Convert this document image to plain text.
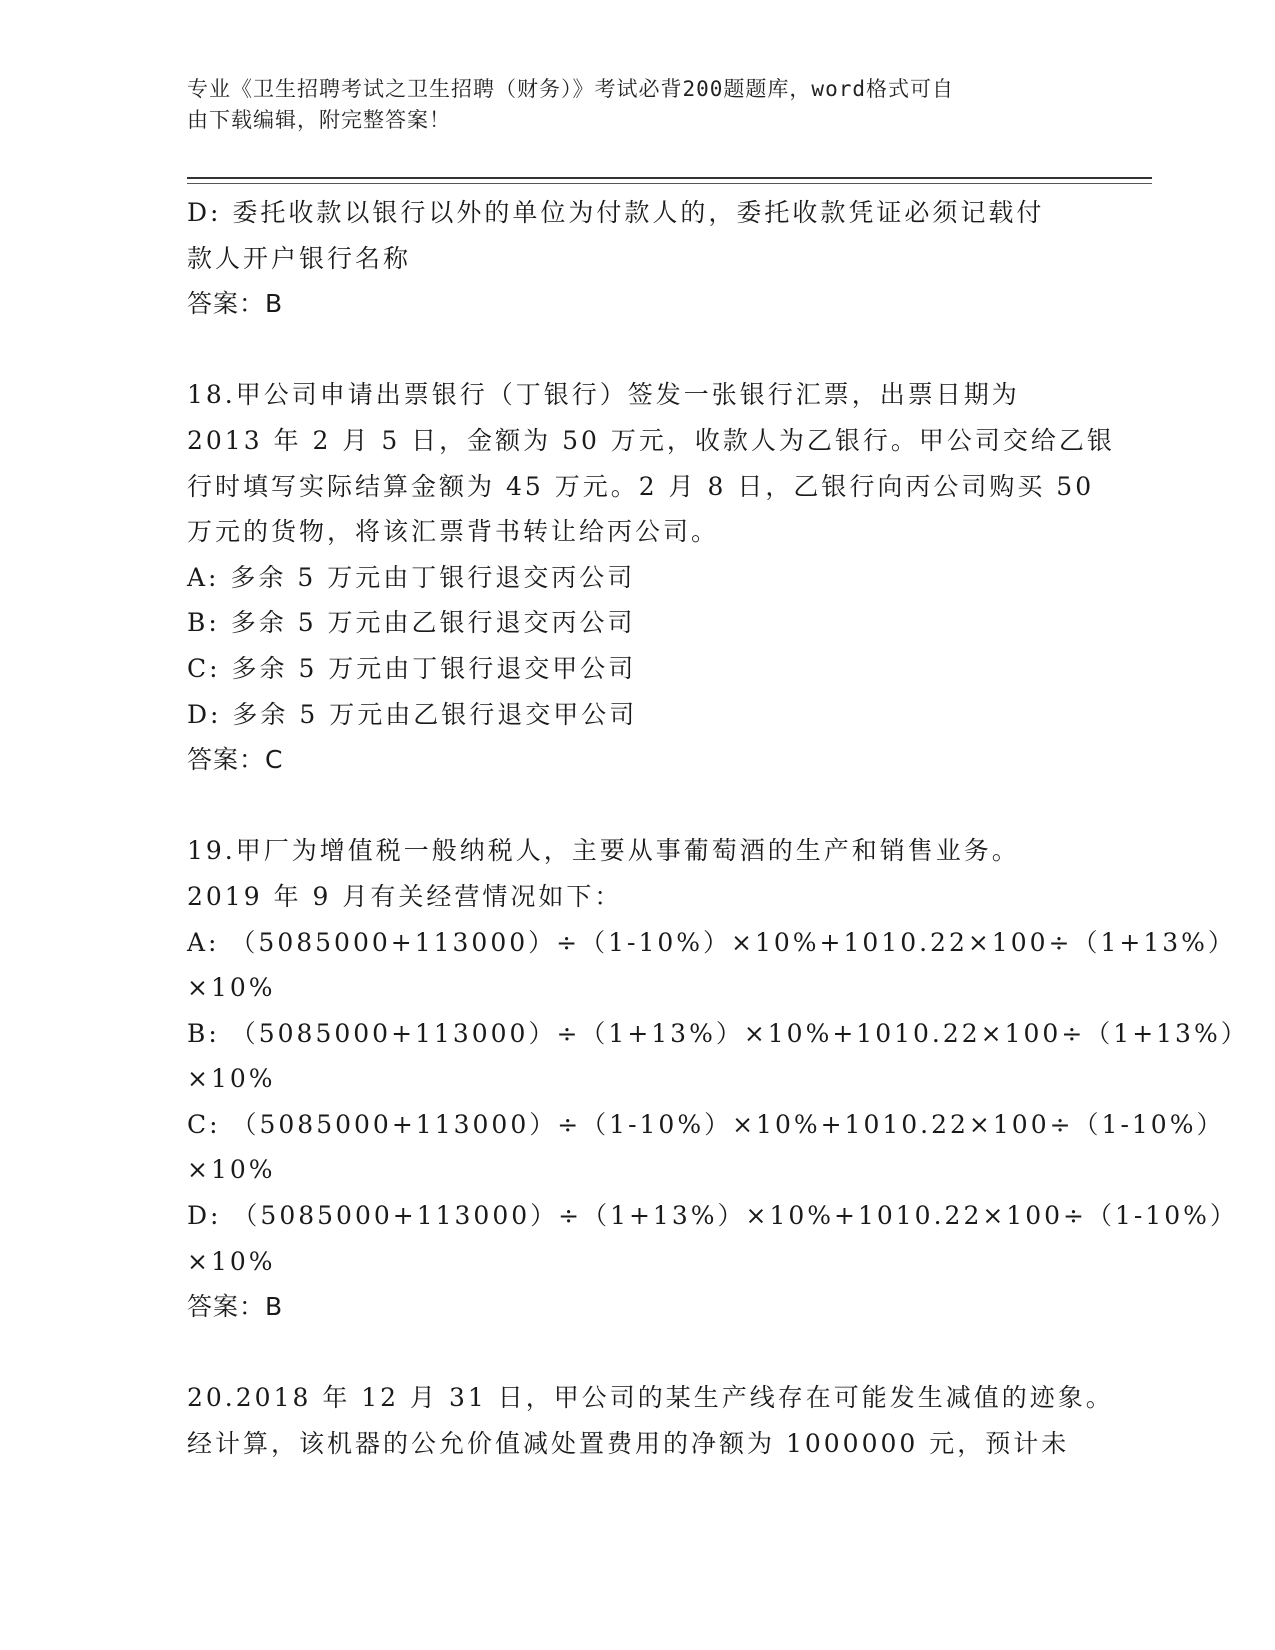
专业《卫生招聘考试之卫生招聘（财务）》考试必背200题题库，word格式可自
由下载编辑，附完整答案！
D: 委托收款以银行以外的单位为付款人的，委托收款凭证必须记载付
款人开户银行名称
答案：B
18.甲公司申请出票银行（丁银行）签发一张银行汇票，出票日期为
2013 年 2 月 5 日，金额为 50 万元，收款人为乙银行。甲公司交给乙银
行时填写实际结算金额为 45 万元。2 月 8 日，乙银行向丙公司购买 50
万元的货物，将该汇票背书转让给丙公司。
A: 多余 5 万元由丁银行退交丙公司
B: 多余 5 万元由乙银行退交丙公司
C: 多余 5 万元由丁银行退交甲公司
D: 多余 5 万元由乙银行退交甲公司
答案：C
19.甲厂为增值税一般纳税人，主要从事葡萄酒的生产和销售业务。
2019 年 9 月有关经营情况如下：
A: （5085000+113000）÷（1-10%）×10%+1010.22×100÷（1+13%）
×10%
B: （5085000+113000）÷（1+13%）×10%+1010.22×100÷（1+13%）
×10%
C: （5085000+113000）÷（1-10%）×10%+1010.22×100÷（1-10%）
×10%
D: （5085000+113000）÷（1+13%）×10%+1010.22×100÷（1-10%）
×10%
答案：B
20.2018 年 12 月 31 日，甲公司的某生产线存在可能发生减值的迹象。
经计算，该机器的公允价值减处置费用的净额为 1000000 元，预计未
